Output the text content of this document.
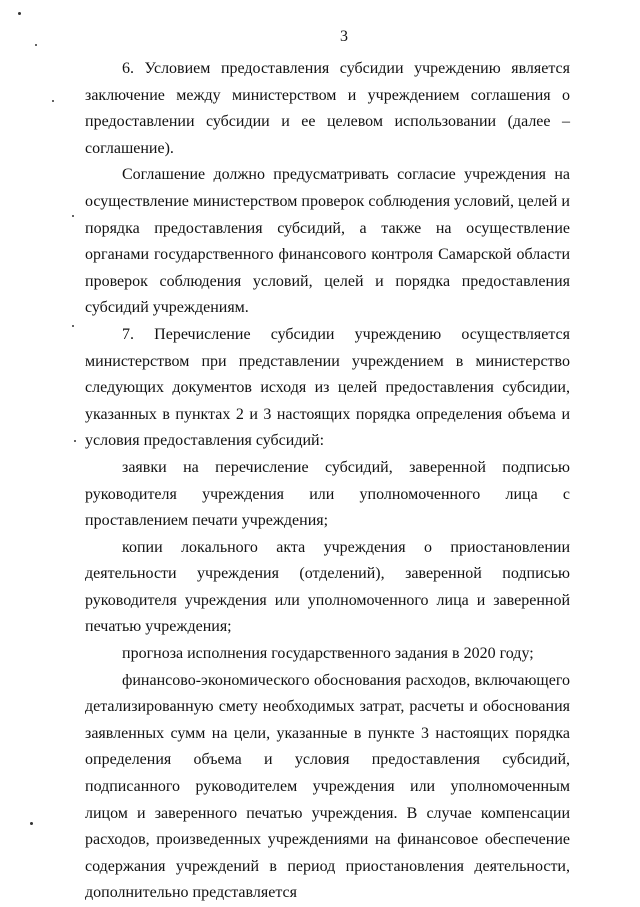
3

6. Условием предоставления субсидии учреждению является заключение между министерством и учреждением соглашения о предоставлении субсидии и ее целевом использовании (далее – соглашение).

Соглашение должно предусматривать согласие учреждения на осуществление министерством проверок соблюдения условий, целей и порядка предоставления субсидий, а также на осуществление органами государственного финансового контроля Самарской области проверок соблюдения условий, целей и порядка предоставления субсидий учреждениям.

7. Перечисление субсидии учреждению осуществляется министерством при представлении учреждением в министерство следующих документов исходя из целей предоставления субсидии, указанных в пунктах 2 и 3 настоящих порядка определения объема и условия предоставления субсидий:

заявки на перечисление субсидий, заверенной подписью руководителя учреждения или уполномоченного лица с проставлением печати учреждения;

копии локального акта учреждения о приостановлении деятельности учреждения (отделений), заверенной подписью руководителя учреждения или уполномоченного лица и заверенной печатью учреждения;

прогноза исполнения государственного задания в 2020 году;

финансово-экономического обоснования расходов, включающего детализированную смету необходимых затрат, расчеты и обоснования заявленных сумм на цели, указанные в пункте 3 настоящих порядка определения объема и условия предоставления субсидий, подписанного руководителем учреждения или уполномоченным лицом и заверенного печатью учреждения. В случае компенсации расходов, произведенных учреждениями на финансовое обеспечение содержания учреждений в период приостановления деятельности, дополнительно представляется
